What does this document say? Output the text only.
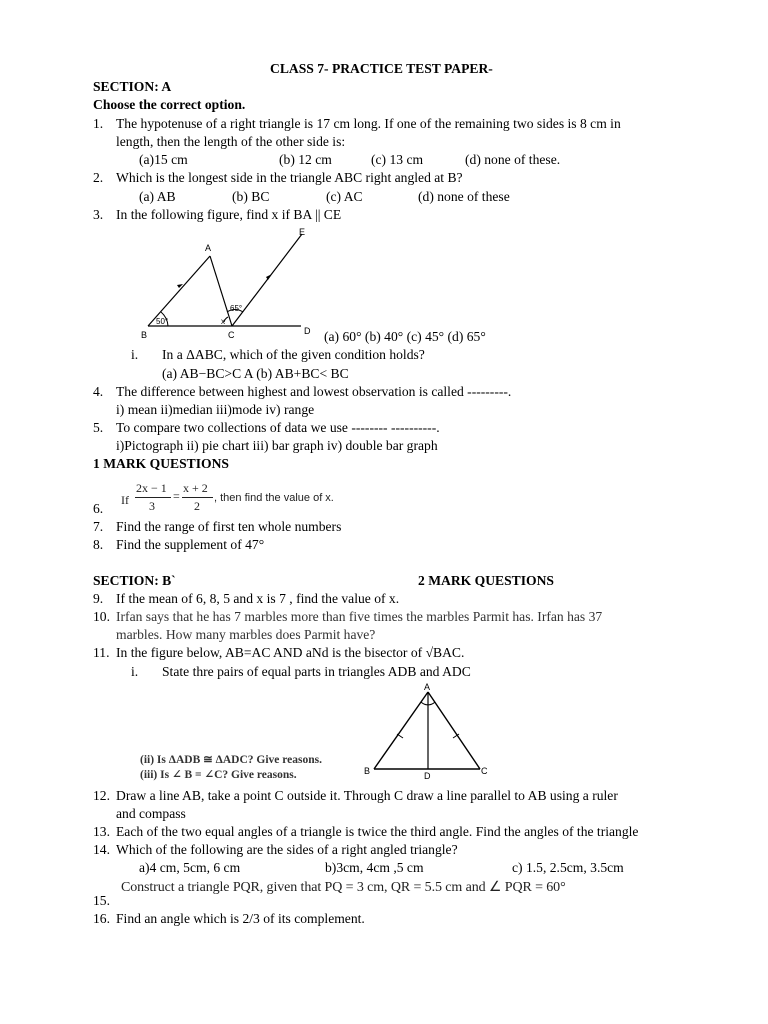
CLASS 7- PRACTICE TEST PAPER-
SECTION: A
Choose the correct option.
1. The hypotenuse of a right triangle is 17 cm long. If one of the remaining two sides is 8 cm in
length, then the length of the other side is:
(a)15 cm	(b) 12 cm	(c) 13 cm	(d) none of these.
2. Which is the longest side in the triangle ABC right angled at B?
(a) AB	(b) BC	(c) AC	(d) none of these
3. In the following figure, find x if BA || CE
A
B	C	D
E
50°
65°
x
(a) 60° (b) 40° (c) 45° (d) 65°
i. In a ΔABC, which of the given condition holds?
(a) AB−BC>C A (b) AB+BC< BC
4. The difference between highest and lowest observation is called ---------.
i) mean ii)median iii)mode iv) range
5. To compare two collections of data we use -------- ----------.
i)Pictograph ii) pie chart iii) bar graph iv) double bar graph
1 MARK QUESTIONS
6.
If
2x − 1
3
=
x + 2
2
, then find the value of x.
7. Find the range of first ten whole numbers
8. Find the supplement of 47°
SECTION: B`	2 MARK QUESTIONS
9. If the mean of 6, 8, 5 and x is 7 , find the value of x.
10. Irfan says that he has 7 marbles more than five times the marbles Parmit has. Irfan has 37
marbles. How many marbles does Parmit have?
11. In the figure below, AB=AC AND aNd is the bisector of √BAC.
i. State thre pairs of equal parts in triangles ADB and ADC
(ii) Is ΔADB ≅ ΔADC? Give reasons.
(iii) Is ∠ B = ∠C? Give reasons.
A
B	C
D
12. Draw a line AB, take a point C outside it. Through C draw a line parallel to AB using a ruler
and compass
13. Each of the two equal angles of a triangle is twice the third angle. Find the angles of the triangle
14. Which of the following are the sides of a right angled triangle?
a)4 cm, 5cm, 6 cm	b)3cm, 4cm ,5 cm	c) 1.5, 2.5cm, 3.5cm
Construct a triangle PQR, given that PQ = 3 cm, QR = 5.5 cm and ∠ PQR = 60°
15.
16. Find an angle which is 2/3 of its complement.
